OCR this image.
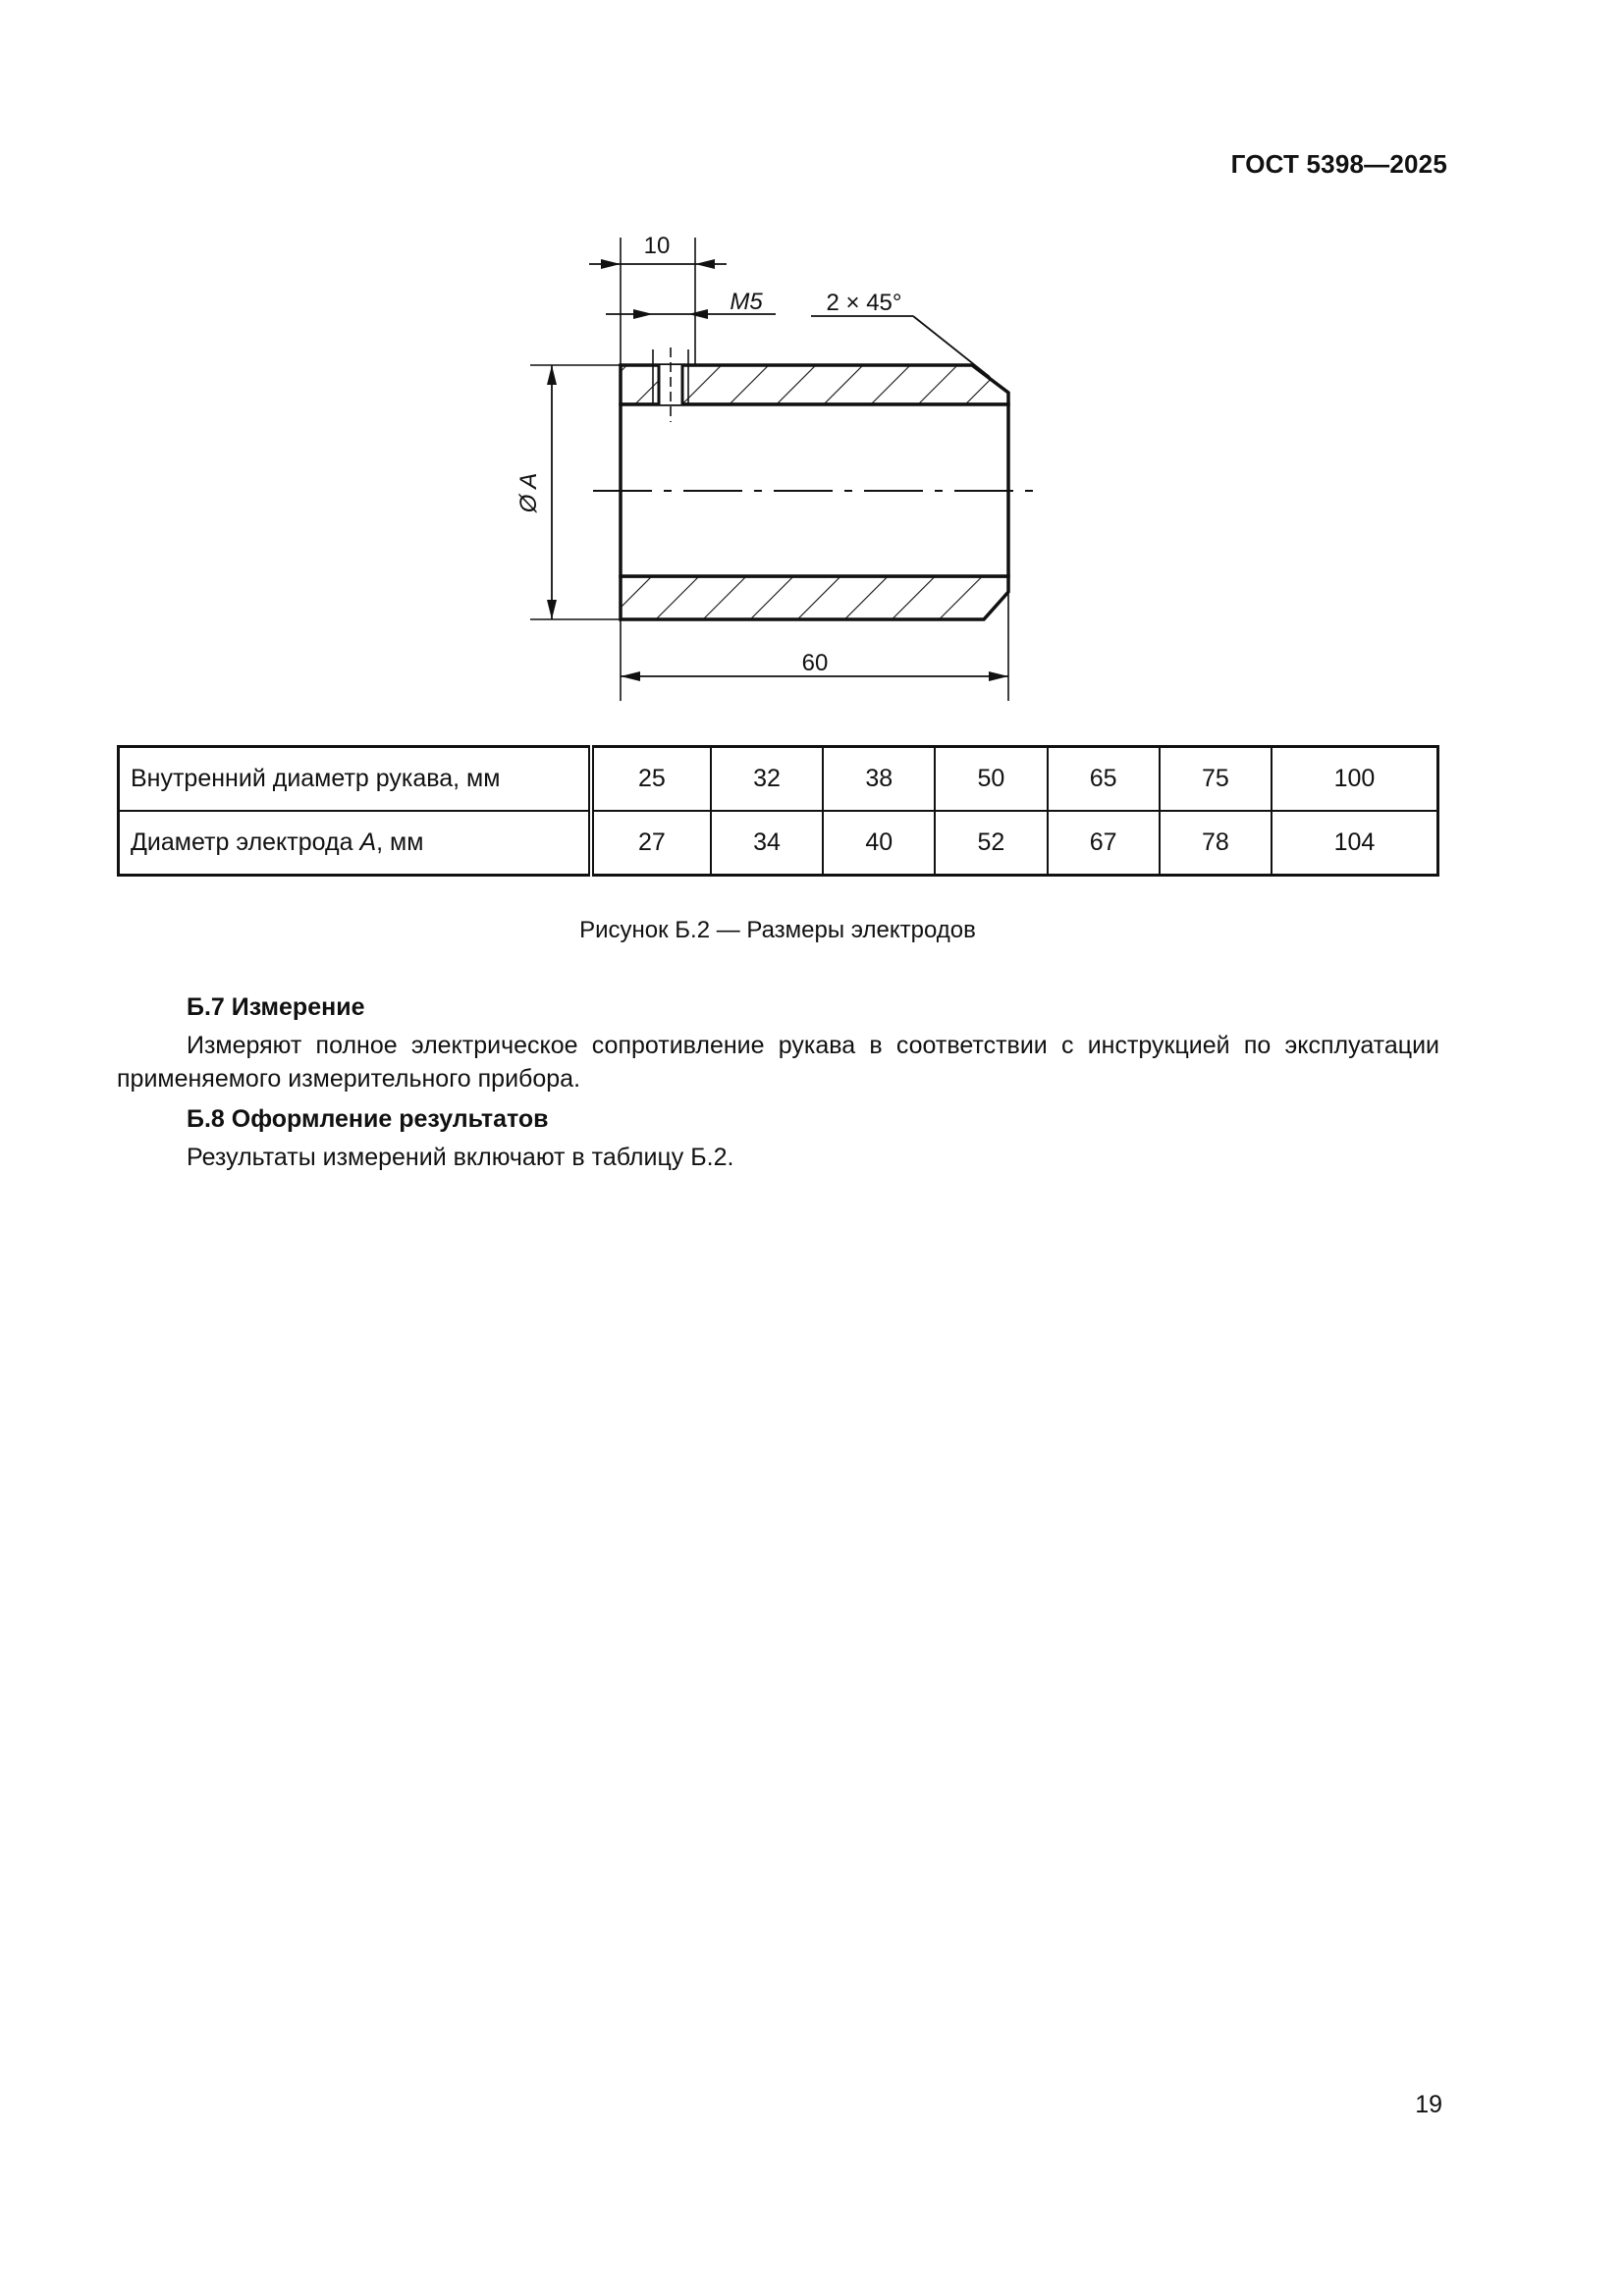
ГОСТ 5398—2025
10
М5	2 × 45°
Ø A
60
Внутренний диаметр рукава, мм	25	32	38	50	65	75	100
Диаметр электрода A, мм	27	34	40	52	67	78	104
Рисунок Б.2 — Размеры электродов
Б.7 Измерение
Измеряют полное электрическое сопротивление рукава в соответствии с инструкцией по эксплуатации применяемого измерительного прибора.
Б.8 Оформление результатов
Результаты измерений включают в таблицу Б.2.
19
